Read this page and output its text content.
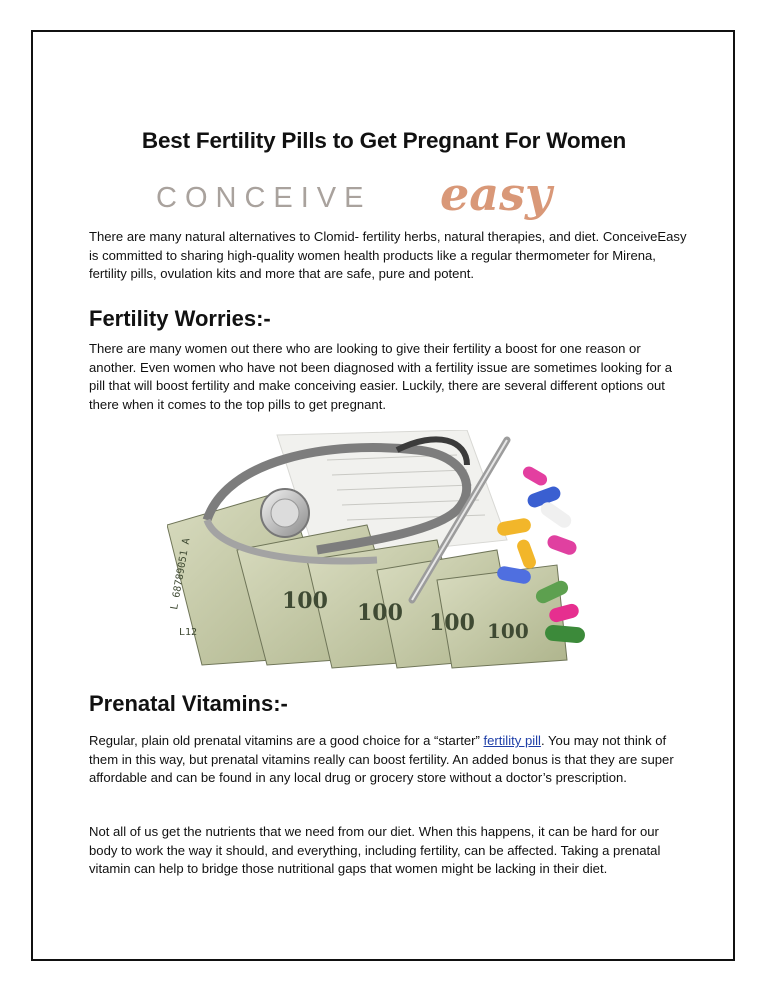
Best Fertility Pills to Get Pregnant For Women
CONCEIVE easy

There are many natural alternatives to Clomid- fertility herbs, natural therapies, and diet. ConceiveEasy is committed to sharing high-quality women health products like a regular thermometer for Mirena, fertility pills, ovulation kits and more that are safe, pure and potent.

Fertility Worries:-

There are many women out there who are looking to give their fertility a boost for one reason or another. Even women who have not been diagnosed with a fertility issue are sometimes looking for a pill that will boost fertility and make conceiving easier. Luckily, there are several different options out there when it comes to the top pills to get pregnant.

100 100 100 100
L 68789051 A
L12
Prenatal Vitamins:-

Regular, plain old prenatal vitamins are a good choice for a “starter” fertility pill. You may not think of them in this way, but prenatal vitamins really can boost fertility. An added bonus is that they are super affordable and can be found in any local drug or grocery store without a doctor’s prescription.

Not all of us get the nutrients that we need from our diet. When this happens, it can be hard for our body to work the way it should, and everything, including fertility, can be affected. Taking a prenatal vitamin can help to bridge those nutritional gaps that women might be lacking in their diet.
